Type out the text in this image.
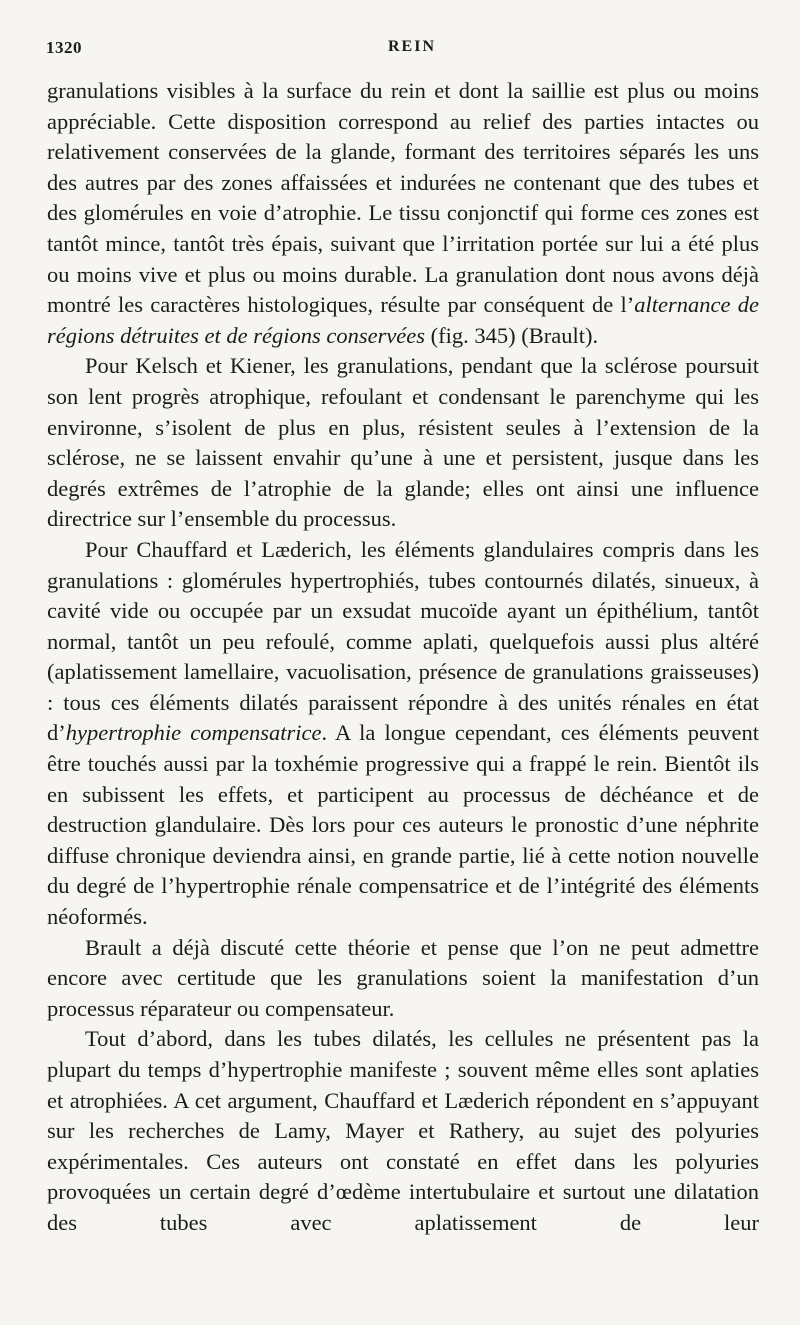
1320	REIN

granulations visibles à la surface du rein et dont la saillie est plus ou moins appréciable. Cette disposition correspond au relief des parties intactes ou relativement conservées de la glande, formant des territoires séparés les uns des autres par des zones affaissées et indurées ne contenant que des tubes et des glomérules en voie d’atrophie. Le tissu conjonctif qui forme ces zones est tantôt mince, tantôt très épais, suivant que l’irritation portée sur lui a été plus ou moins vive et plus ou moins durable. La granulation dont nous avons déjà montré les caractères histologiques, résulte par conséquent de l’alternance de régions détruites et de régions conservées (fig. 345) (Brault).

Pour Kelsch et Kiener, les granulations, pendant que la sclérose poursuit son lent progrès atrophique, refoulant et condensant le parenchyme qui les environne, s’isolent de plus en plus, résistent seules à l’extension de la sclérose, ne se laissent envahir qu’une à une et persistent, jusque dans les degrés extrêmes de l’atrophie de la glande; elles ont ainsi une influence directrice sur l’ensemble du processus.

Pour Chauffard et Læderich, les éléments glandulaires compris dans les granulations : glomérules hypertrophiés, tubes contournés dilatés, sinueux, à cavité vide ou occupée par un exsudat mucoïde ayant un épithélium, tantôt normal, tantôt un peu refoulé, comme aplati, quelquefois aussi plus altéré (aplatissement lamellaire, vacuolisation, présence de granulations graisseuses) : tous ces éléments dilatés paraissent répondre à des unités rénales en état d’hypertrophie compensatrice. A la longue cependant, ces éléments peuvent être touchés aussi par la toxhémie progressive qui a frappé le rein. Bientôt ils en subissent les effets, et participent au processus de déchéance et de destruction glandulaire. Dès lors pour ces auteurs le pronostic d’une néphrite diffuse chronique deviendra ainsi, en grande partie, lié à cette notion nouvelle du degré de l’hypertrophie rénale compensatrice et de l’intégrité des éléments néoformés.

Brault a déjà discuté cette théorie et pense que l’on ne peut admettre encore avec certitude que les granulations soient la manifestation d’un processus réparateur ou compensateur.

Tout d’abord, dans les tubes dilatés, les cellules ne présentent pas la plupart du temps d’hypertrophie manifeste ; souvent même elles sont aplaties et atrophiées. A cet argument, Chauffard et Læderich répondent en s’appuyant sur les recherches de Lamy, Mayer et Rathery, au sujet des polyuries expérimentales. Ces auteurs ont constaté en effet dans les polyuries provoquées un certain degré d’œdème intertubulaire et surtout une dilatation des tubes avec aplatissement de leur
